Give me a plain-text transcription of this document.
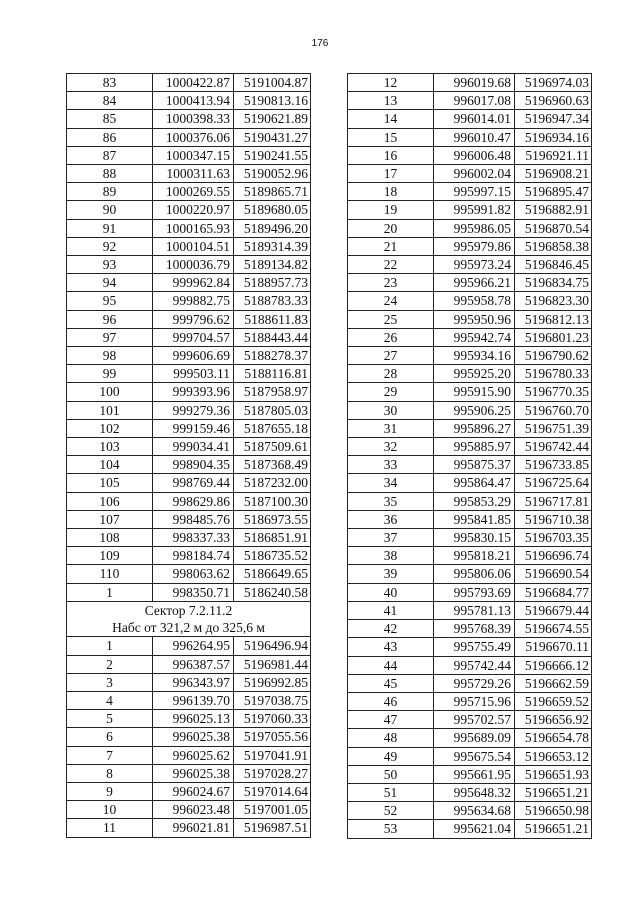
176
83	1000422.87	5191004.87
84	1000413.94	5190813.16
85	1000398.33	5190621.89
86	1000376.06	5190431.27
87	1000347.15	5190241.55
88	1000311.63	5190052.96
89	1000269.55	5189865.71
90	1000220.97	5189680.05
91	1000165.93	5189496.20
92	1000104.51	5189314.39
93	1000036.79	5189134.82
94	999962.84	5188957.73
95	999882.75	5188783.33
96	999796.62	5188611.83
97	999704.57	5188443.44
98	999606.69	5188278.37
99	999503.11	5188116.81
100	999393.96	5187958.97
101	999279.36	5187805.03
102	999159.46	5187655.18
103	999034.41	5187509.61
104	998904.35	5187368.49
105	998769.44	5187232.00
106	998629.86	5187100.30
107	998485.76	5186973.55
108	998337.33	5186851.91
109	998184.74	5186735.52
110	998063.62	5186649.65
1	998350.71	5186240.58

Сектор 7.2.11.2
Набс от 321,2 м до 325,6 м		

1	996264.95	5196496.94
2	996387.57	5196981.44
3	996343.97	5196992.85
4	996139.70	5197038.75
5	996025.13	5197060.33
6	996025.38	5197055.56
7	996025.62	5197041.91
8	996025.38	5197028.27
9	996024.67	5197014.64
10	996023.48	5197001.05
11	996021.81	5196987.51
12	996019.68	5196974.03
13	996017.08	5196960.63
14	996014.01	5196947.34
15	996010.47	5196934.16
16	996006.48	5196921.11
17	996002.04	5196908.21
18	995997.15	5196895.47
19	995991.82	5196882.91
20	995986.05	5196870.54
21	995979.86	5196858.38
22	995973.24	5196846.45
23	995966.21	5196834.75
24	995958.78	5196823.30
25	995950.96	5196812.13
26	995942.74	5196801.23
27	995934.16	5196790.62
28	995925.20	5196780.33
29	995915.90	5196770.35
30	995906.25	5196760.70
31	995896.27	5196751.39
32	995885.97	5196742.44
33	995875.37	5196733.85
34	995864.47	5196725.64
35	995853.29	5196717.81
36	995841.85	5196710.38
37	995830.15	5196703.35
38	995818.21	5196696.74
39	995806.06	5196690.54
40	995793.69	5196684.77
41	995781.13	5196679.44
42	995768.39	5196674.55
43	995755.49	5196670.11
44	995742.44	5196666.12
45	995729.26	5196662.59
46	995715.96	5196659.52
47	995702.57	5196656.92
48	995689.09	5196654.78
49	995675.54	5196653.12
50	995661.95	5196651.93
51	995648.32	5196651.21
52	995634.68	5196650.98
53	995621.04	5196651.21
